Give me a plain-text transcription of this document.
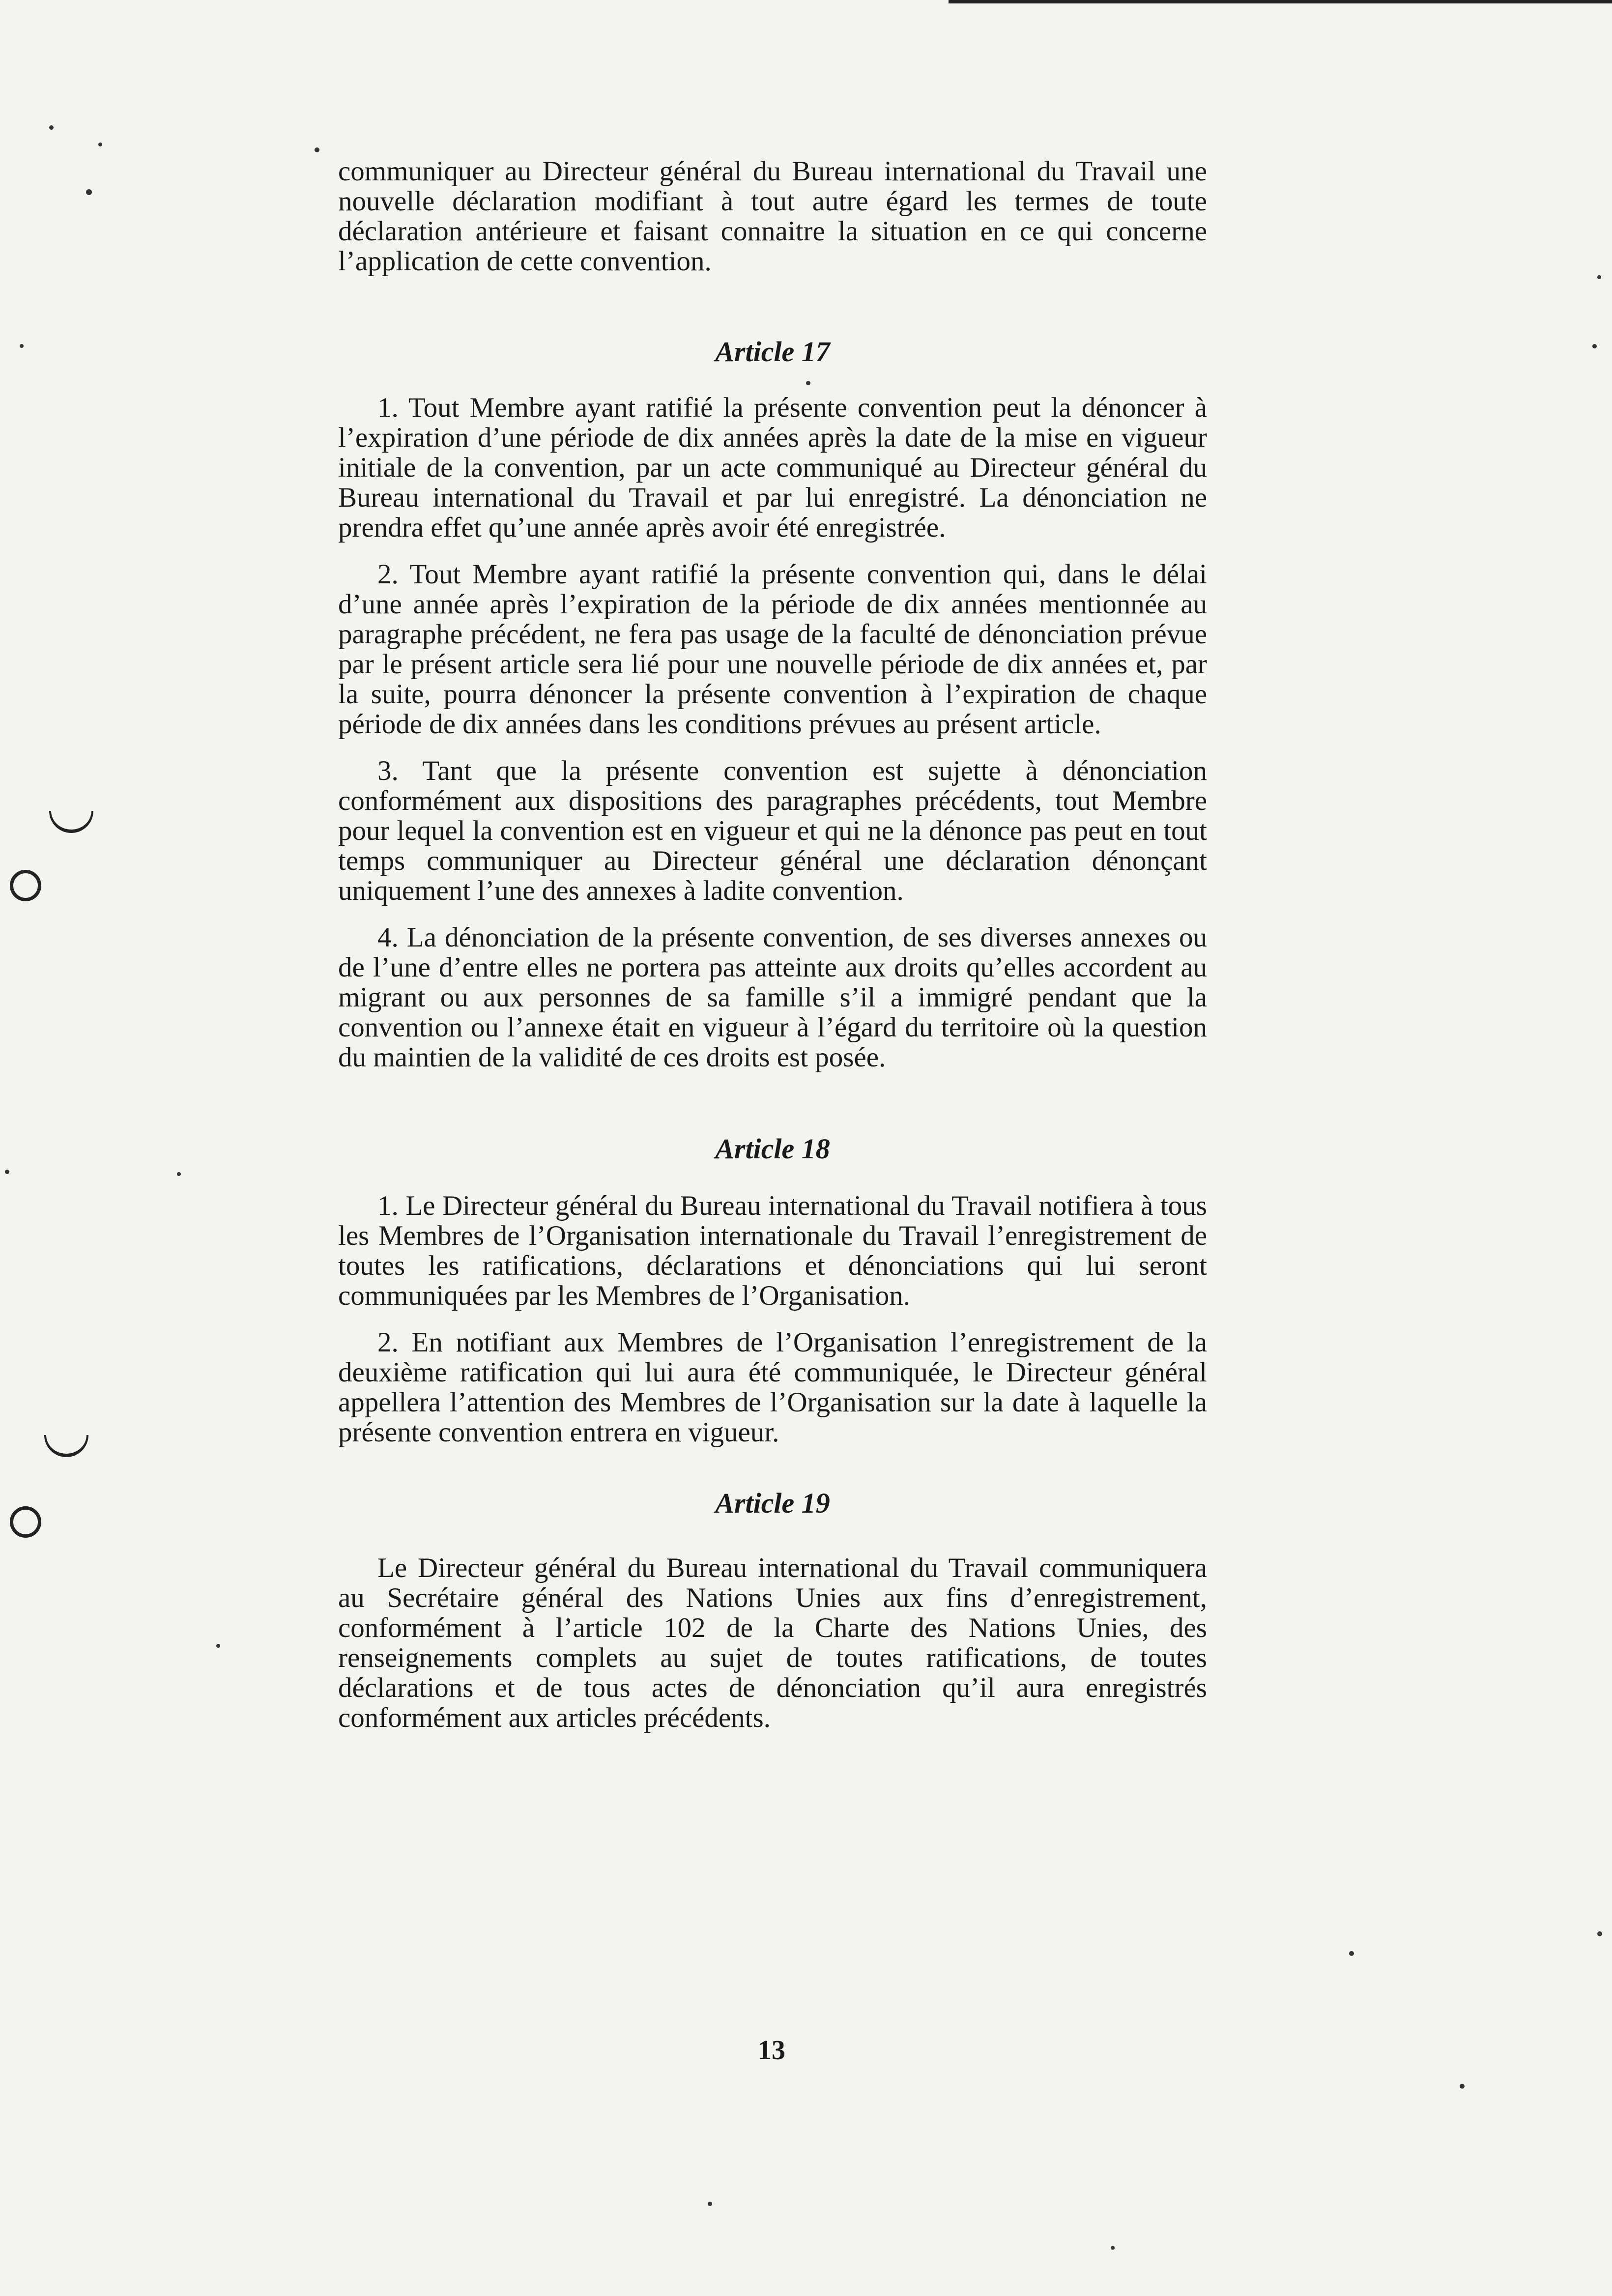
communiquer au Directeur général du Bureau international du Travail une nouvelle déclaration modifiant à tout autre égard les termes de toute déclaration antérieure et faisant connaitre la situation en ce qui concerne l’application de cette convention.

Article 17

1. Tout Membre ayant ratifié la présente convention peut la dénoncer à l’expiration d’une période de dix années après la date de la mise en vigueur initiale de la convention, par un acte communiqué au Directeur général du Bureau international du Travail et par lui enregistré. La dénonciation ne prendra effet qu’une année après avoir été enregistrée.

2. Tout Membre ayant ratifié la présente convention qui, dans le délai d’une année après l’expiration de la période de dix années mentionnée au paragraphe précédent, ne fera pas usage de la faculté de dénonciation prévue par le présent article sera lié pour une nouvelle période de dix années et, par la suite, pourra dénoncer la présente convention à l’expiration de chaque période de dix années dans les conditions prévues au présent article.

3. Tant que la présente convention est sujette à dénonciation conformément aux dispositions des paragraphes précédents, tout Membre pour lequel la convention est en vigueur et qui ne la dénonce pas peut en tout temps communiquer au Directeur général une déclaration dénonçant uniquement l’une des annexes à ladite convention.

4. La dénonciation de la présente convention, de ses diverses annexes ou de l’une d’entre elles ne portera pas atteinte aux droits qu’elles accordent au migrant ou aux personnes de sa famille s’il a immigré pendant que la convention ou l’annexe était en vigueur à l’égard du territoire où la question du maintien de la validité de ces droits est posée.

Article 18

1. Le Directeur général du Bureau international du Travail notifiera à tous les Membres de l’Organisation internationale du Travail l’enregistrement de toutes les ratifications, déclarations et dénonciations qui lui seront communiquées par les Membres de l’Organisation.

2. En notifiant aux Membres de l’Organisation l’enregistrement de la deuxième ratification qui lui aura été communiquée, le Directeur général appellera l’attention des Membres de l’Organisation sur la date à laquelle la présente convention entrera en vigueur.

Article 19

Le Directeur général du Bureau international du Travail communiquera au Secrétaire général des Nations Unies aux fins d’enregistrement, conformément à l’article 102 de la Charte des Nations Unies, des renseignements complets au sujet de toutes ratifications, de toutes déclarations et de tous actes de dénonciation qu’il aura enregistrés conformément aux articles précédents.

13
